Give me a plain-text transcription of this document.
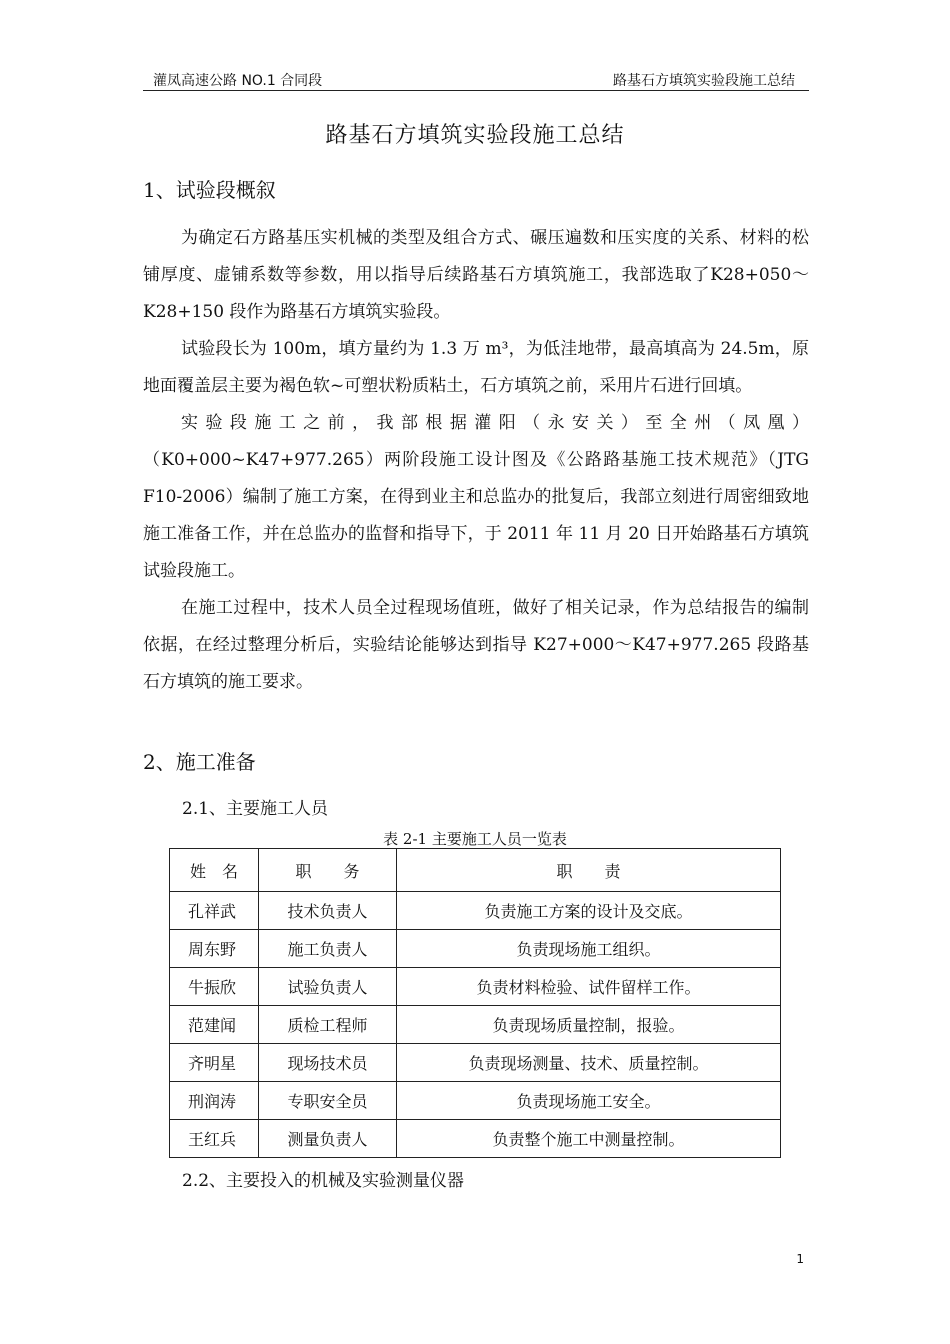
灌凤高速公路 NO.1 合同段	路基石方填筑实验段施工总结
路基石方填筑实验段施工总结
1、试验段概叙

为确定石方路基压实机械的类型及组合方式、碾压遍数和压实度的关系、材料的松铺厚度、虚铺系数等参数，用以指导后续路基石方填筑施工，我部选取了K28+050～K28+150 段作为路基石方填筑实验段。

试验段长为 100m，填方量约为 1.3 万 m³，为低洼地带，最高填高为 24.5m，原地面覆盖层主要为褐色软~可塑状粉质粘土，石方填筑之前，采用片石进行回填。

实验段施工之前，我部根据灌阳（永安关）至全州（凤凰）

（K0+000~K47+977.265）两阶段施工设计图及《公路路基施工技术规范》（JTG F10-2006）编制了施工方案，在得到业主和总监办的批复后，我部立刻进行周密细致地施工准备工作，并在总监办的监督和指导下，于 2011 年 11 月 20 日开始路基石方填筑试验段施工。

在施工过程中，技术人员全过程现场值班，做好了相关记录，作为总结报告的编制依据，在经过整理分析后，实验结论能够达到指导 K27+000～K47+977.265 段路基石方填筑的施工要求。

2、施工准备
2.1、主要施工人员
表 2-1 主要施工人员一览表
姓　名	职　　务	职　　责
孔祥武	技术负责人	负责施工方案的设计及交底。
周东野	施工负责人	负责现场施工组织。
牛振欣	试验负责人	负责材料检验、试件留样工作。
范建闻	质检工程师	负责现场质量控制，报验。
齐明星	现场技术员	负责现场测量、技术、质量控制。
刑润涛	专职安全员	负责现场施工安全。
王红兵	测量负责人	负责整个施工中测量控制。
2.2、主要投入的机械及实验测量仪器
1
